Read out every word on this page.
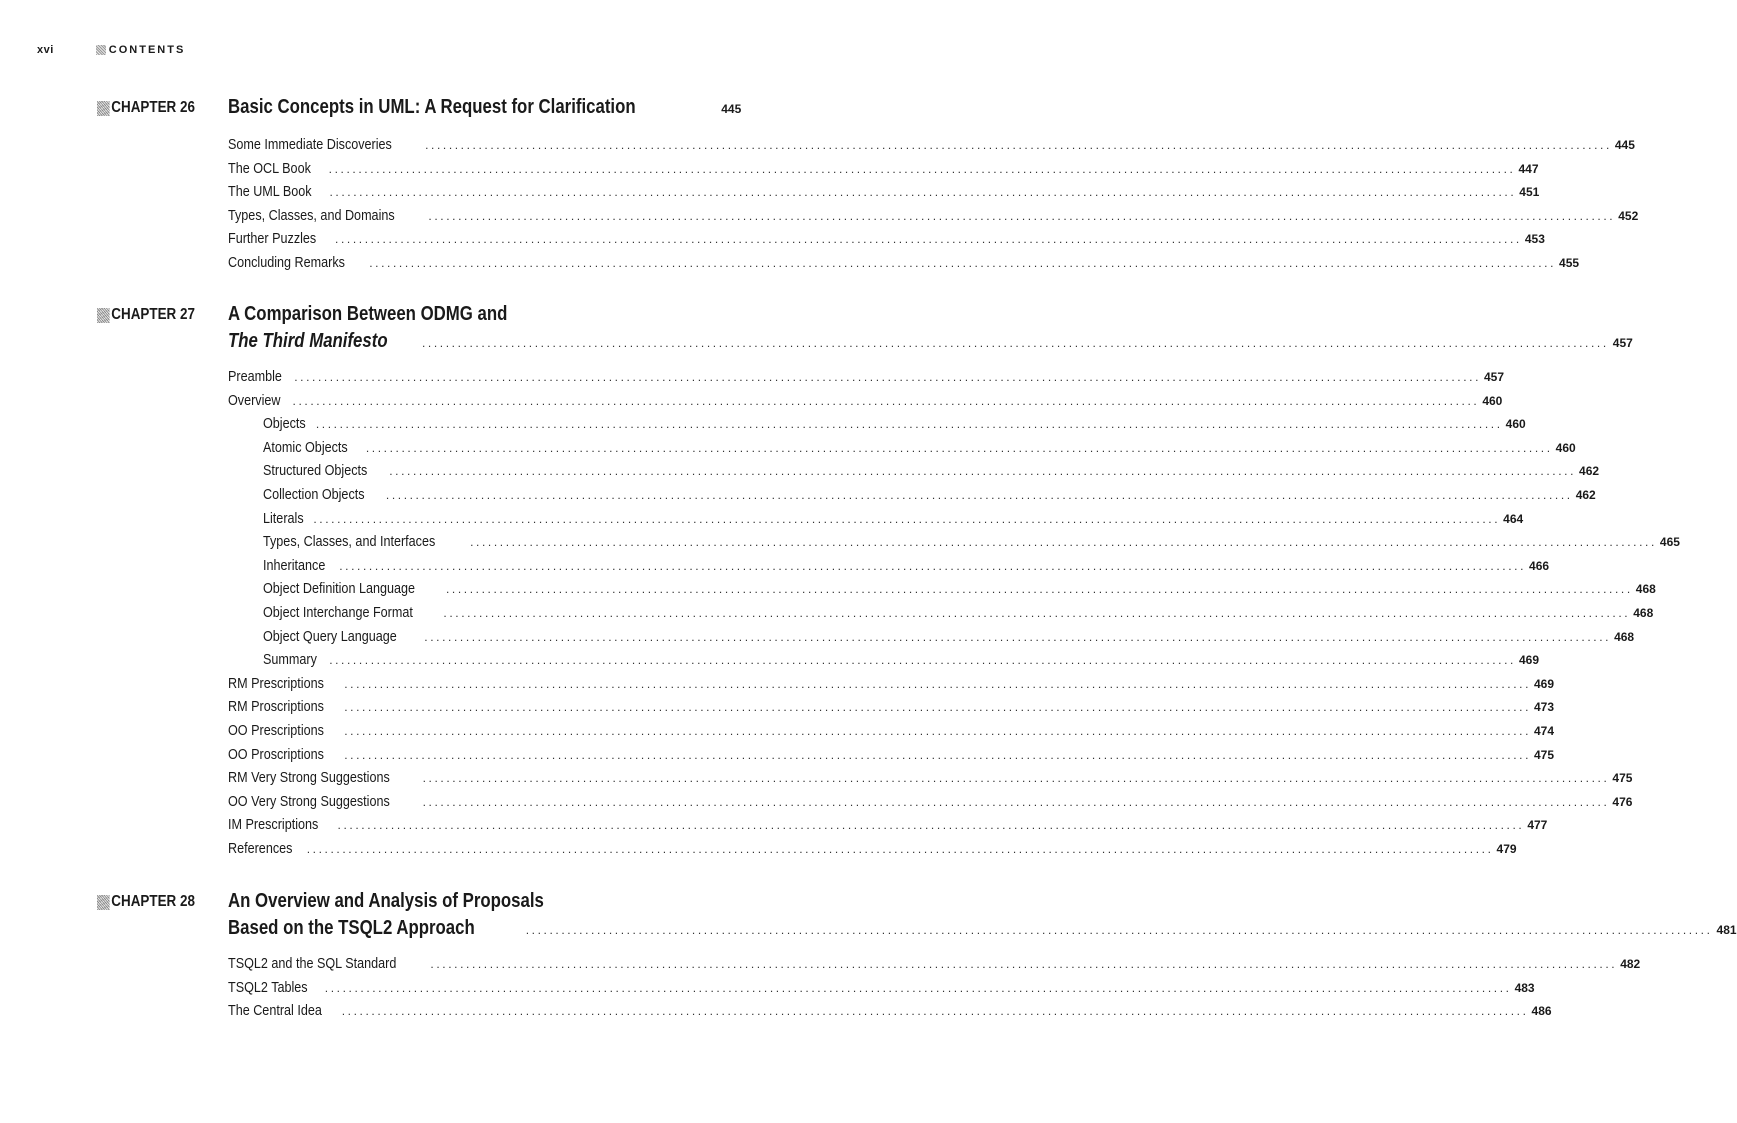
xvi	CONTENTS
CHAPTER 26 Basic Concepts in UML: A Request for Clarification	445
Some Immediate Discoveries	........................................................................................................................................................................................................ 445
The OCL Book ........................................................................................................................................................................................................ 447
The UML Book ........................................................................................................................................................................................................ 451
Types, Classes, and Domains	........................................................................................................................................................................................................ 452
Further Puzzles ........................................................................................................................................................................................................ 453
Concluding Remarks ........................................................................................................................................................................................................ 455
CHAPTER 27 A Comparison Between ODMG and
The Third Manifesto	........................................................................................................................................................................................................ 457
Preamble ........................................................................................................................................................................................................ 457
Overview ........................................................................................................................................................................................................ 460
Objects ........................................................................................................................................................................................................ 460
Atomic Objects ........................................................................................................................................................................................................ 460
Structured Objects ........................................................................................................................................................................................................ 462
Collection Objects ........................................................................................................................................................................................................ 462
Literals ........................................................................................................................................................................................................ 464
Types, Classes, and Interfaces	........................................................................................................................................................................................................ 465
Inheritance ........................................................................................................................................................................................................ 466
Object Definition Language	........................................................................................................................................................................................................ 468
Object Interchange Format	........................................................................................................................................................................................................ 468
Object Query Language ........................................................................................................................................................................................................ 468
Summary ........................................................................................................................................................................................................ 469
RM Prescriptions ........................................................................................................................................................................................................ 469
RM Proscriptions ........................................................................................................................................................................................................ 473
OO Prescriptions ........................................................................................................................................................................................................ 474
OO Proscriptions ........................................................................................................................................................................................................ 475
RM Very Strong Suggestions	........................................................................................................................................................................................................ 475
OO Very Strong Suggestions	........................................................................................................................................................................................................ 476
IM Prescriptions ........................................................................................................................................................................................................ 477
References ........................................................................................................................................................................................................ 479
CHAPTER 28 An Overview and Analysis of Proposals
Based on the TSQL2 Approach	........................................................................................................................................................................................................ 481
TSQL2 and the SQL Standard	........................................................................................................................................................................................................ 482
TSQL2 Tables ........................................................................................................................................................................................................ 483
The Central Idea ........................................................................................................................................................................................................ 486
